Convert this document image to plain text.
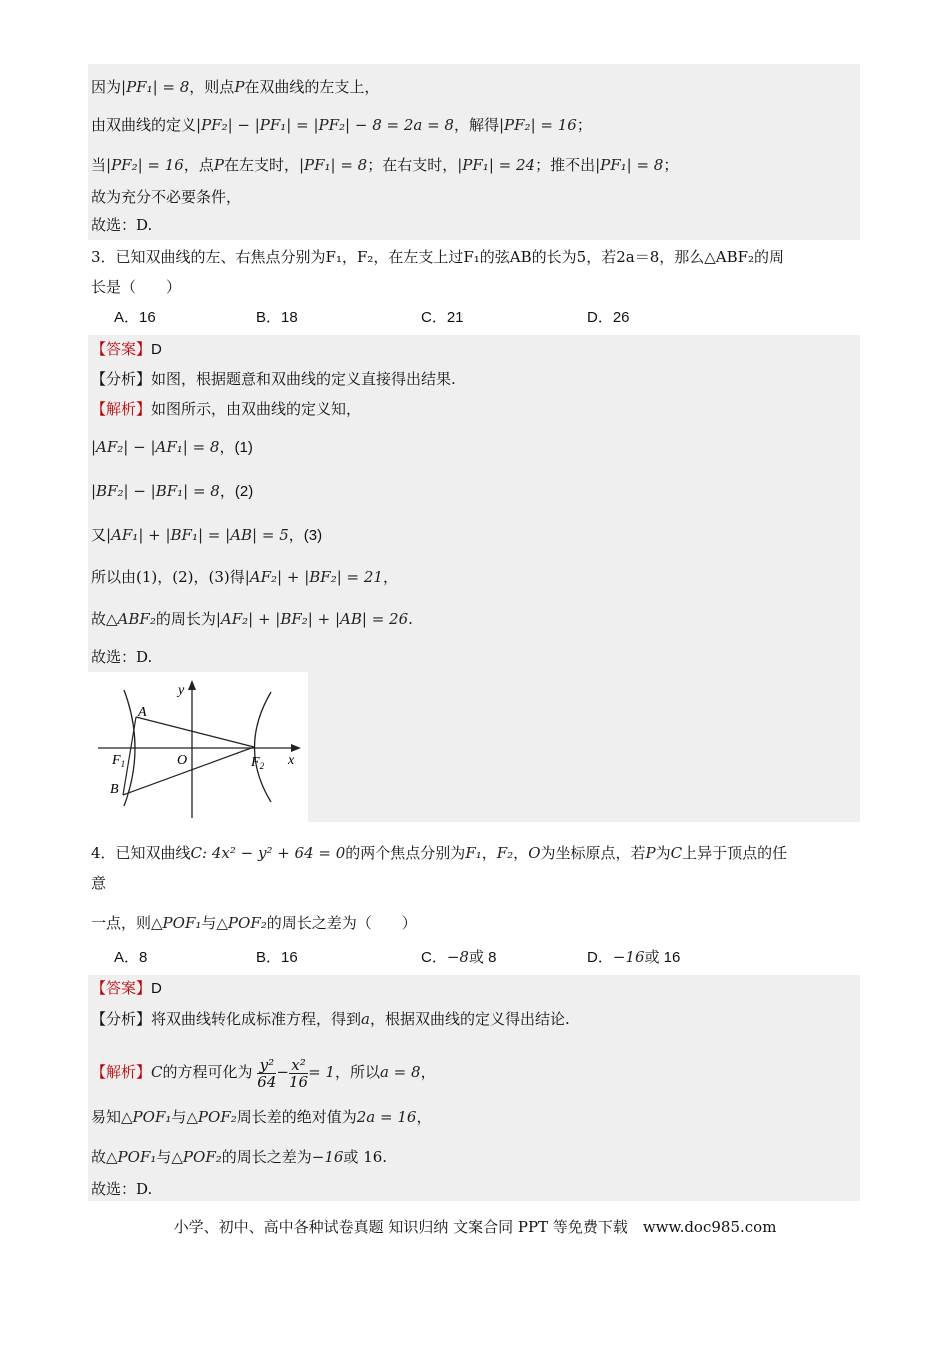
因为|PF₁| = 8，则点P在双曲线的左支上，
由双曲线的定义|PF₂| − |PF₁| = |PF₂| − 8 = 2a = 8，解得|PF₂| = 16；
当|PF₂| = 16，点P在左支时，|PF₁| = 8；在右支时，|PF₁| = 24；推不出|PF₁| = 8；
故为充分不必要条件，
故选：D.
3．已知双曲线的左、右焦点分别为F₁，F₂，在左支上过F₁的弦AB的长为5，若2a＝8，那么△ABF₂的周
长是（　　）
A．16	B．18	C．21	D．26
【答案】D
【分析】如图，根据题意和双曲线的定义直接得出结果.
【解析】如图所示，由双曲线的定义知，
|AF₂| − |AF₁| = 8，(1)
|BF₂| − |BF₁| = 8，(2)
又|AF₁| + |BF₁| = |AB| = 5，(3)
所以由(1)，(2)，(3)得|AF₂| + |BF₂| = 21，
故△ABF₂的周长为|AF₂| + |BF₂| + |AB| = 26.
故选：D.
y
A
$F_1$	O	$F_2$ x
B
4．已知双曲线C: 4x² − y² + 64 = 0的两个焦点分别为F₁，F₂，O为坐标原点，若P为C上异于顶点的任
意
一点，则△POF₁与△POF₂的周长之差为（　　）
A．8	B．16	C．−8或 8	D．−16或 16
【答案】D
【分析】将双曲线转化成标准方程，得到a，根据双曲线的定义得出结论.
【解析】C的方程可化为 $\frac{\text{y²}}{64} - \frac{\text{x²}}{16} = 1$，所以a = 8，
易知△POF₁与△POF₂周长差的绝对值为2a = 16，
故△POF₁与△POF₂的周长之差为−16或 16.
故选：D.
小学、初中、高中各种试卷真题 知识归纳 文案合同 PPT 等免费下载　www.doc985.com
